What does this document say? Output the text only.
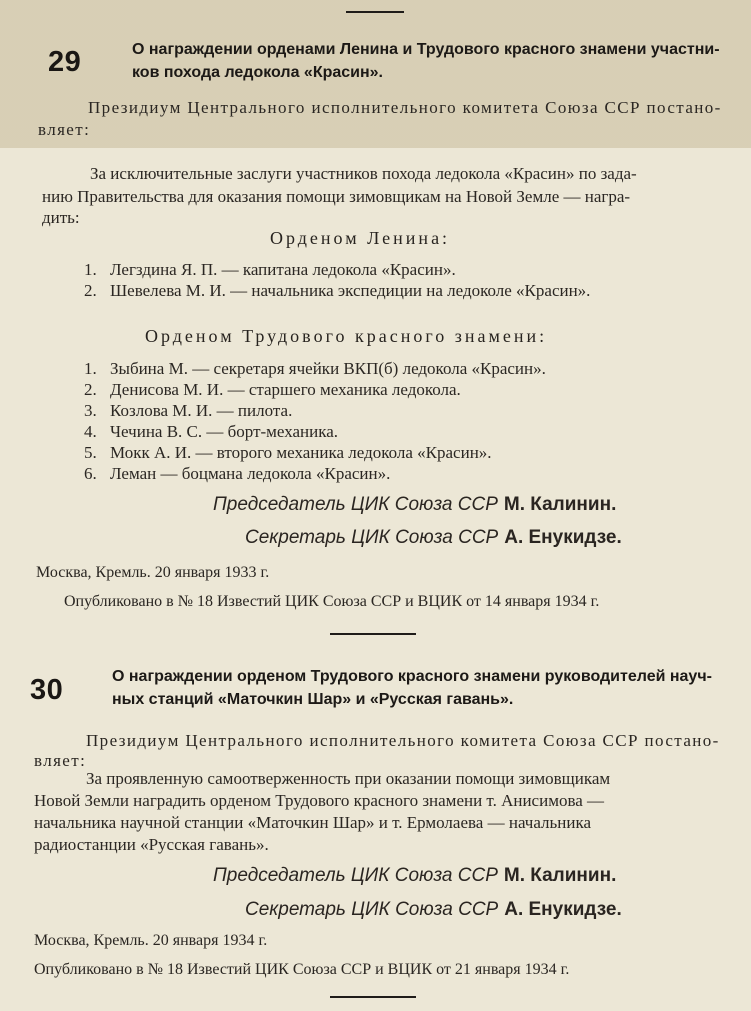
29	О награждении орденами Ленина и Трудового красного знамени участни-
ков похода ледокола «Красин».
Президиум Центрального исполнительного комитета Союза ССР постано-
вляет:
За исключительные заслуги участников похода ледокола «Красин» по зада-
нию Правительства для оказания помощи зимовщикам на Новой Земле — награ-
дить:
Орденом Ленина:
1. Легздина Я. П. — капитана ледокола «Красин».
2. Шевелева М. И. — начальника экспедиции на ледоколе «Красин».
Орденом Трудового красного знамени:
1. Зыбина М. — секретаря ячейки ВКП(б) ледокола «Красин».
2. Денисова М. И. — старшего механика ледокола.
3. Козлова М. И. — пилота.
4. Чечина В. С. — борт-механика.
5. Мокк А. И. — второго механика ледокола «Красин».
6. Леман — боцмана ледокола «Красин».
Председатель ЦИК Союза ССР М. Калинин.
Секретарь ЦИК Союза ССР А. Енукидзе.
Москва, Кремль. 20 января 1933 г.
Опубликовано в № 18 Известий ЦИК Союза ССР и ВЦИК от 14 января 1934 г.
30	О награждении орденом Трудового красного знамени руководителей науч-
ных станций «Маточкин Шар» и «Русская гавань».
Президиум Центрального исполнительного комитета Союза ССР постано-
вляет:
За проявленную самоотверженность при оказании помощи зимовщикам
Новой Земли наградить орденом Трудового красного знамени т. Анисимова —
начальника научной станции «Маточкин Шар» и т. Ермолаева — начальника
радиостанции «Русская гавань».
Председатель ЦИК Союза ССР М. Калинин.
Секретарь ЦИК Союза ССР А. Енукидзе.
Москва, Кремль. 20 января 1934 г.
Опубликовано в № 18 Известий ЦИК Союза ССР и ВЦИК от 21 января 1934 г.
